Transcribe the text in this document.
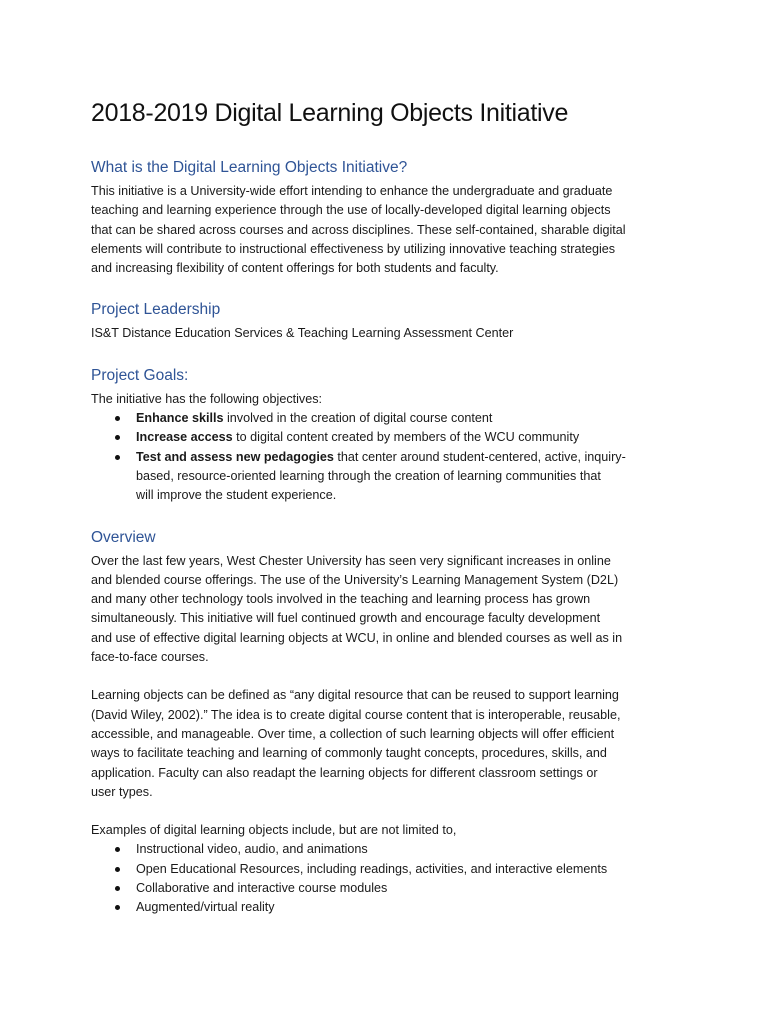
2018-2019 Digital Learning Objects Initiative
What is the Digital Learning Objects Initiative?

This initiative is a University-wide effort intending to enhance the undergraduate and graduate
teaching and learning experience through the use of locally-developed digital learning objects
that can be shared across courses and across disciplines. These self-contained, sharable digital
elements will contribute to instructional effectiveness by utilizing innovative teaching strategies
and increasing flexibility of content offerings for both students and faculty.

Project Leadership

IS&T Distance Education Services & Teaching Learning Assessment Center

Project Goals:

The initiative has the following objectives:

Enhance skills involved in the creation of digital course content
Increase access to digital content created by members of the WCU community
Test and assess new pedagogies that center around student-centered, active, inquiry-
based, resource-oriented learning through the creation of learning communities that
will improve the student experience.
Overview

Over the last few years, West Chester University has seen very significant increases in online
and blended course offerings. The use of the University’s Learning Management System (D2L)
and many other technology tools involved in the teaching and learning process has grown
simultaneously. This initiative will fuel continued growth and encourage faculty development
and use of effective digital learning objects at WCU, in online and blended courses as well as in
face-to-face courses.

Learning objects can be defined as “any digital resource that can be reused to support learning
(David Wiley, 2002).” The idea is to create digital course content that is interoperable, reusable,
accessible, and manageable. Over time, a collection of such learning objects will offer efficient
ways to facilitate teaching and learning of commonly taught concepts, procedures, skills, and
application. Faculty can also readapt the learning objects for different classroom settings or
user types.

Examples of digital learning objects include, but are not limited to,

Instructional video, audio, and animations
Open Educational Resources, including readings, activities, and interactive elements
Collaborative and interactive course modules
Augmented/virtual reality
